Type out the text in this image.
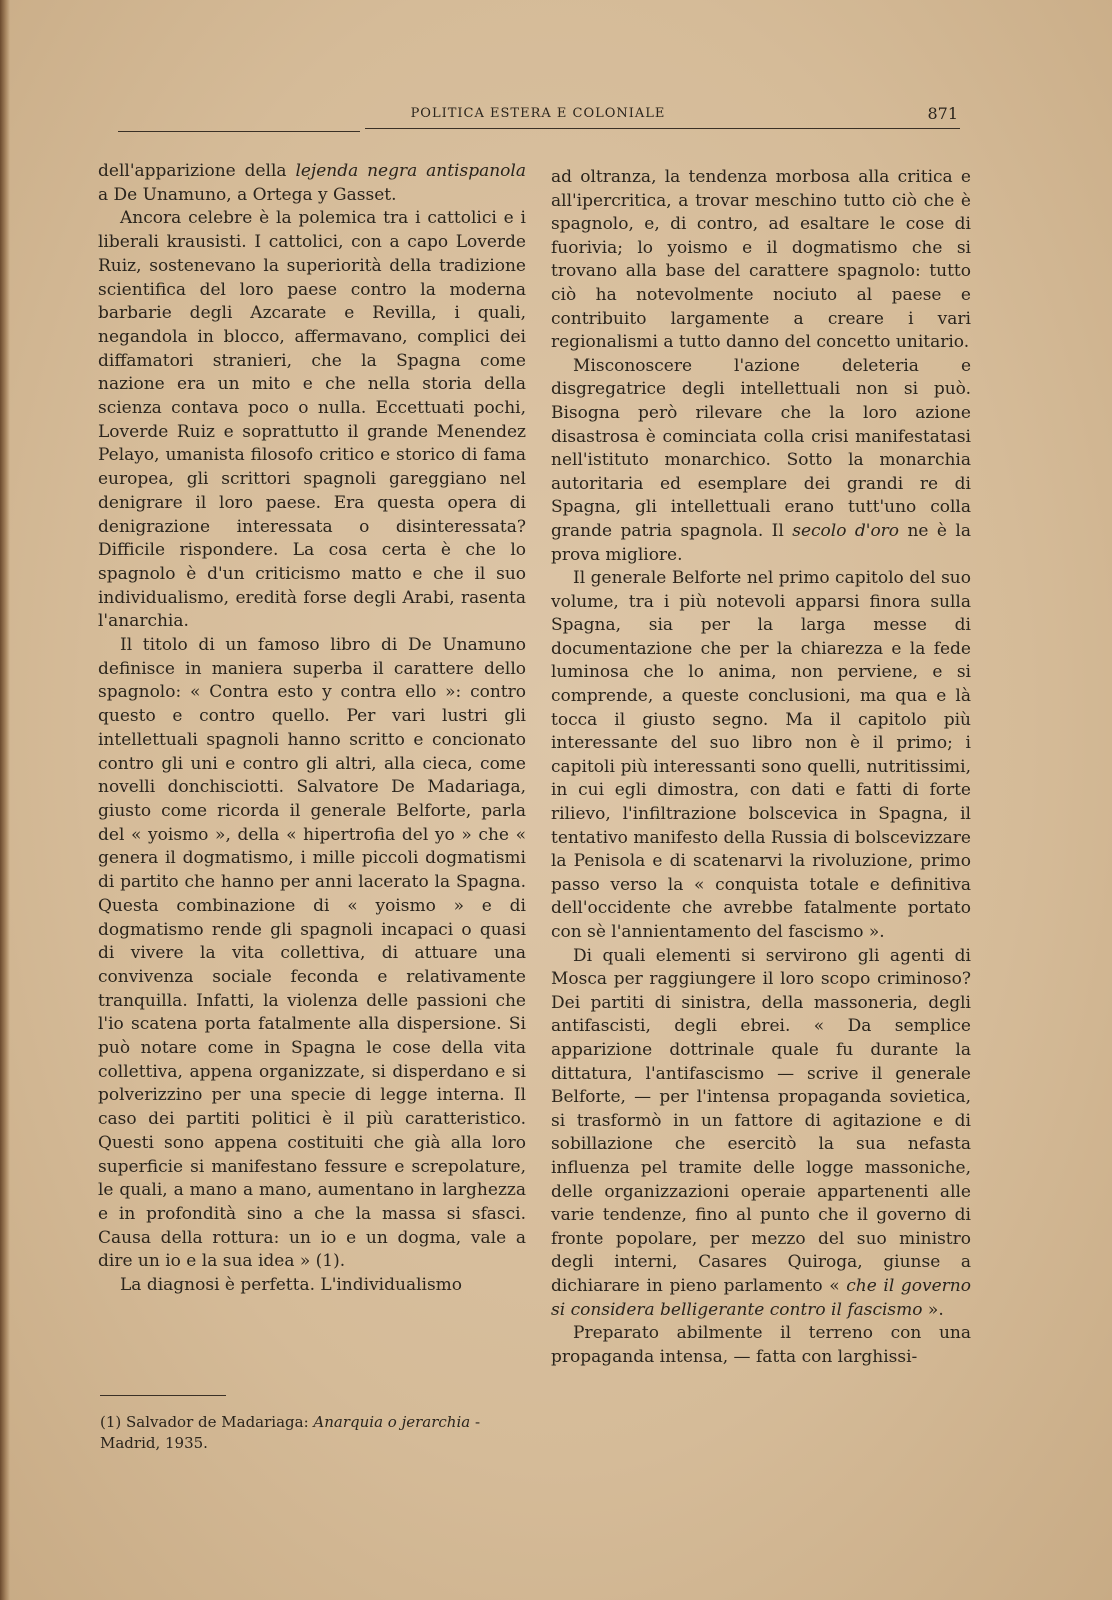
POLITICA ESTERA E COLONIALE	871

dell'apparizione della lejenda negra antispanola a De Unamuno, a Ortega y Gasset.

Ancora celebre è la polemica tra i cattolici e i liberali krausisti. I cattolici, con a capo Loverde Ruiz, sostenevano la superiorità della tradizione scientifica del loro paese contro la moderna barbarie degli Azcarate e Revilla, i quali, negandola in blocco, affermavano, complici dei diffamatori stranieri, che la Spagna come nazione era un mito e che nella storia della scienza contava poco o nulla. Eccettuati pochi, Loverde Ruiz e soprattutto il grande Menendez Pelayo, umanista filosofo critico e storico di fama europea, gli scrittori spagnoli gareggiano nel denigrare il loro paese. Era questa opera di denigrazione interessata o disinteressata? Difficile rispondere. La cosa certa è che lo spagnolo è d'un criticismo matto e che il suo individualismo, eredità forse degli Arabi, rasenta l'anarchia.

Il titolo di un famoso libro di De Unamuno definisce in maniera superba il carattere dello spagnolo: « Contra esto y contra ello »: contro questo e contro quello. Per vari lustri gli intellettuali spagnoli hanno scritto e concionato contro gli uni e contro gli altri, alla cieca, come novelli donchisciotti. Salvatore De Madariaga, giusto come ricorda il generale Belforte, parla del « yoismo », della « hipertrofia del yo » che « genera il dogmatismo, i mille piccoli dogmatismi di partito che hanno per anni lacerato la Spagna. Questa combinazione di « yoismo » e di dogmatismo rende gli spagnoli incapaci o quasi di vivere la vita collettiva, di attuare una convivenza sociale feconda e relativamente tranquilla. Infatti, la violenza delle passioni che l'io scatena porta fatalmente alla dispersione. Si può notare come in Spagna le cose della vita collettiva, appena organizzate, si disperdano e si polverizzino per una specie di legge interna. Il caso dei partiti politici è il più caratteristico. Questi sono appena costituiti che già alla loro superficie si manifestano fessure e screpolature, le quali, a mano a mano, aumentano in larghezza e in profondità sino a che la massa si sfasci. Causa della rottura: un io e un dogma, vale a dire un io e la sua idea » (1).

La diagnosi è perfetta. L'individualismo

ad oltranza, la tendenza morbosa alla critica e all'ipercritica, a trovar meschino tutto ciò che è spagnolo, e, di contro, ad esaltare le cose di fuorivia; lo yoismo e il dogmatismo che si trovano alla base del carattere spagnolo: tutto ciò ha notevolmente nociuto al paese e contribuito largamente a creare i vari regionalismi a tutto danno del concetto unitario.

Misconoscere l'azione deleteria e disgregatrice degli intellettuali non si può. Bisogna però rilevare che la loro azione disastrosa è cominciata colla crisi manifestatasi nell'istituto monarchico. Sotto la monarchia autoritaria ed esemplare dei grandi re di Spagna, gli intellettuali erano tutt'uno colla grande patria spagnola. Il secolo d'oro ne è la prova migliore.

Il generale Belforte nel primo capitolo del suo volume, tra i più notevoli apparsi finora sulla Spagna, sia per la larga messe di documentazione che per la chiarezza e la fede luminosa che lo anima, non perviene, e si comprende, a queste conclusioni, ma qua e là tocca il giusto segno. Ma il capitolo più interessante del suo libro non è il primo; i capitoli più interessanti sono quelli, nutritissimi, in cui egli dimostra, con dati e fatti di forte rilievo, l'infiltrazione bolscevica in Spagna, il tentativo manifesto della Russia di bolscevizzare la Penisola e di scatenarvi la rivoluzione, primo passo verso la « conquista totale e definitiva dell'occidente che avrebbe fatalmente portato con sè l'annientamento del fascismo ».

Di quali elementi si servirono gli agenti di Mosca per raggiungere il loro scopo criminoso? Dei partiti di sinistra, della massoneria, degli antifascisti, degli ebrei. « Da semplice apparizione dottrinale quale fu durante la dittatura, l'antifascismo — scrive il generale Belforte, — per l'intensa propaganda sovietica, si trasformò in un fattore di agitazione e di sobillazione che esercitò la sua nefasta influenza pel tramite delle logge massoniche, delle organizzazioni operaie appartenenti alle varie tendenze, fino al punto che il governo di fronte popolare, per mezzo del suo ministro degli interni, Casares Quiroga, giunse a dichiarare in pieno parlamento « che il governo si considera belligerante contro il fascismo ».

Preparato abilmente il terreno con una propaganda intensa, — fatta con larghissi-

(1) Salvador de Madariaga: Anarquia o jerarchia - Madrid, 1935.
